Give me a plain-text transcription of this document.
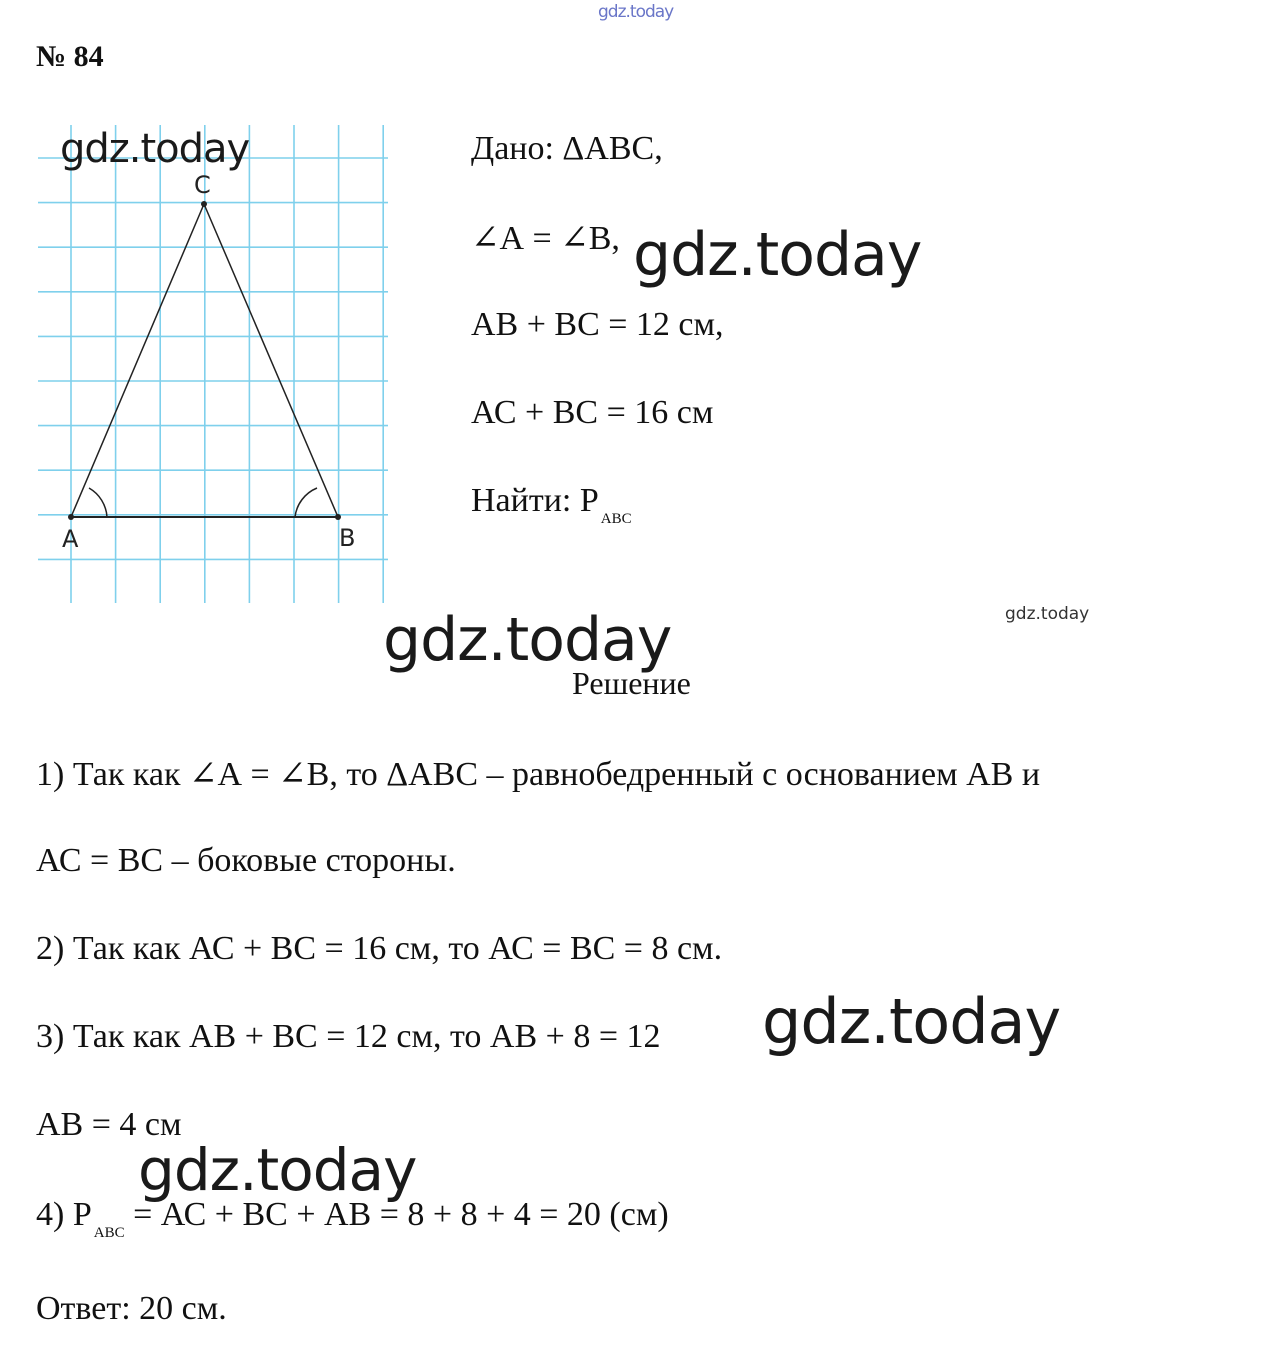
gdz.today
№ 84
A	B
C
gdz.today	Дано: ΔАВС,
∠А = ∠В,
АВ + ВС = 12 см,
АС + ВС = 16 см
Найти: Р $_{АВС}$
gdz.today
gdz.today
gdz.today
Решение
1) Так как ∠А = ∠В, то ΔАВС – равнобедренный с основанием АВ и
АС = ВС – боковые стороны.
2) Так как АС + ВС = 16 см, то АС = ВС = 8 см.
3) Так как АВ + ВС = 12 см, то АВ + 8 = 12 gdz.today
АВ = 4 см
gdz.today
4) Р $_{АВС}$ = АС + ВС + АВ = 8 + 8 + 4 = 20 (см)
Ответ: 20 см.
